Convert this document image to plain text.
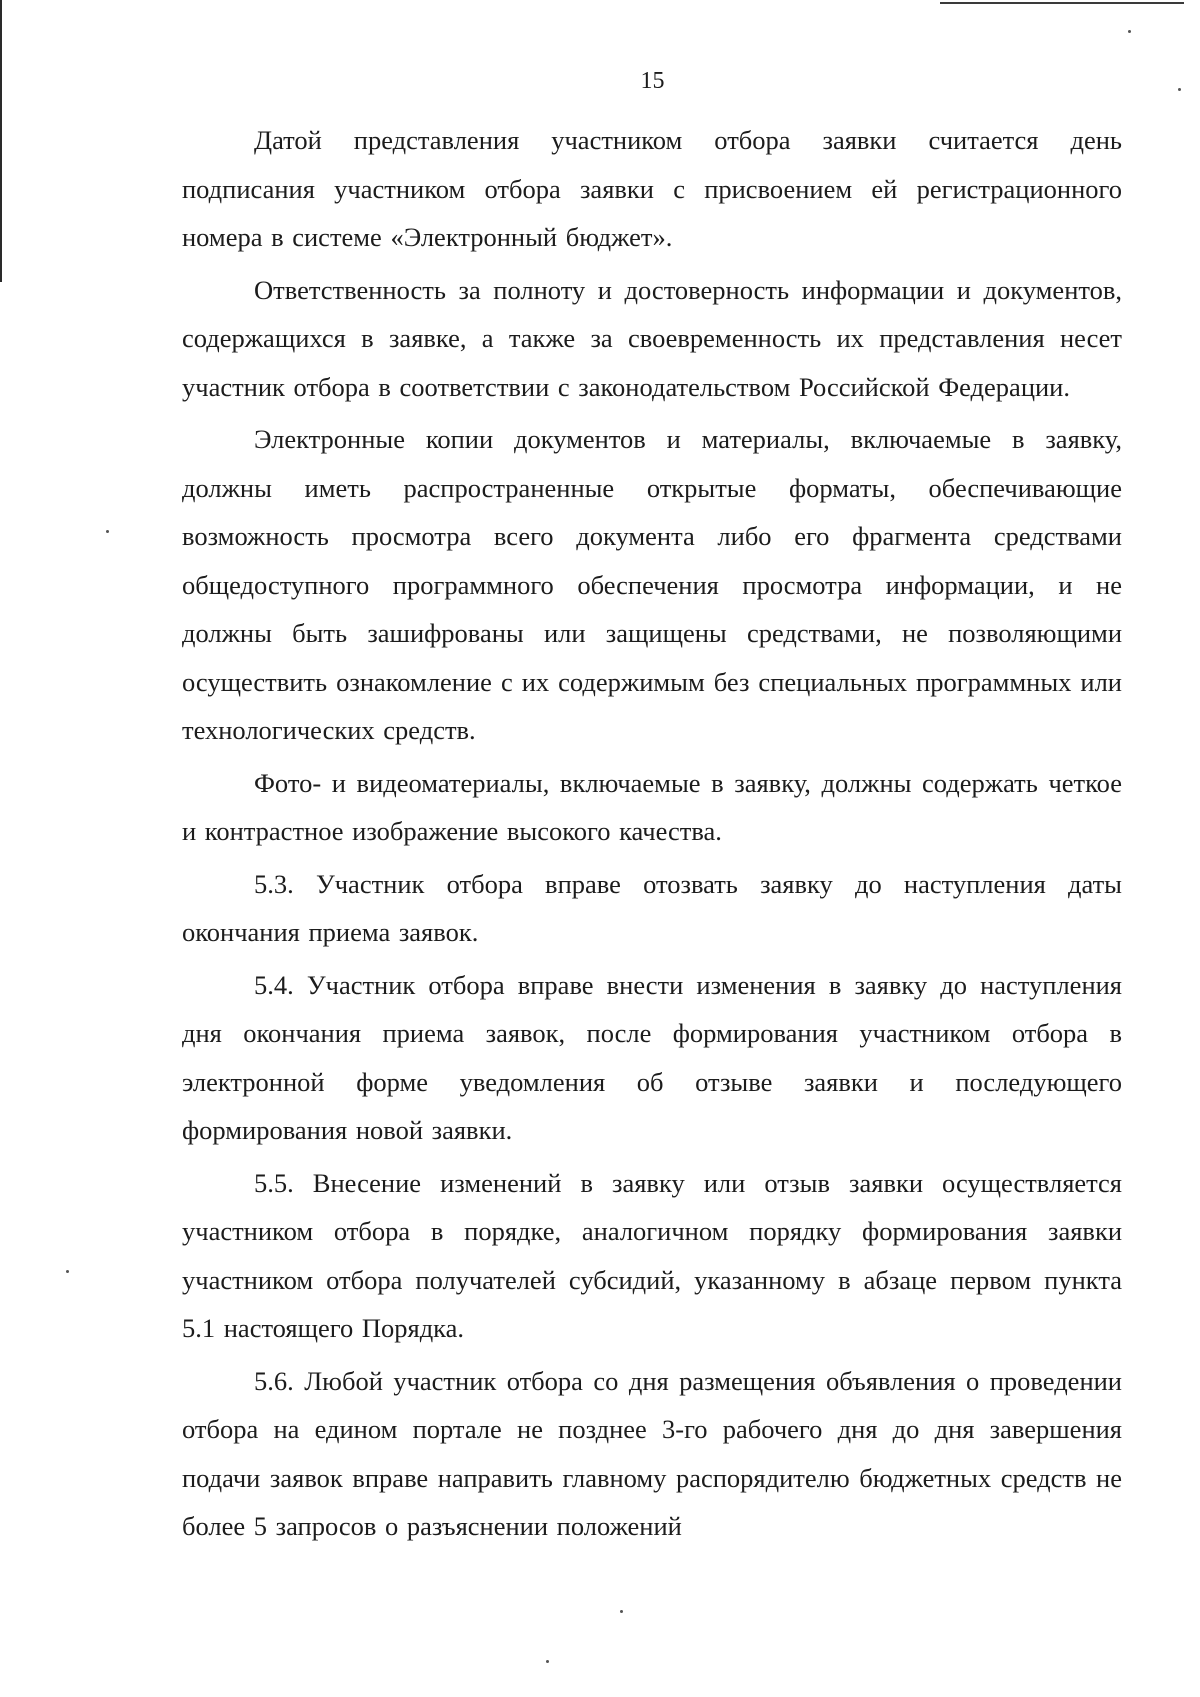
15

Датой представления участником отбора заявки считается день подписания участником отбора заявки с присвоением ей регистрационного номера в системе «Электронный бюджет».

Ответственность за полноту и достоверность информации и документов, содержащихся в заявке, а также за своевременность их представления несет участник отбора в соответствии с законодательством Российской Федерации.

Электронные копии документов и материалы, включаемые в заявку, должны иметь распространенные открытые форматы, обеспечивающие возможность просмотра всего документа либо его фрагмента средствами общедоступного программного обеспечения просмотра информации, и не должны быть зашифрованы или защищены средствами, не позволяющими осуществить ознакомление с их содержимым без специальных программных или технологических средств.

Фото- и видеоматериалы, включаемые в заявку, должны содержать четкое и контрастное изображение высокого качества.

5.3. Участник отбора вправе отозвать заявку до наступления даты окончания приема заявок.

5.4. Участник отбора вправе внести изменения в заявку до наступления дня окончания приема заявок, после формирования участником отбора в электронной форме уведомления об отзыве заявки и последующего формирования новой заявки.

5.5. Внесение изменений в заявку или отзыв заявки осуществляется участником отбора в порядке, аналогичном порядку формирования заявки участником отбора получателей субсидий, указанному в абзаце первом пункта 5.1 настоящего Порядка.

5.6. Любой участник отбора со дня размещения объявления о проведении отбора на едином портале не позднее 3-го рабочего дня до дня завершения подачи заявок вправе направить главному распорядителю бюджетных средств не более 5 запросов о разъяснении положений
